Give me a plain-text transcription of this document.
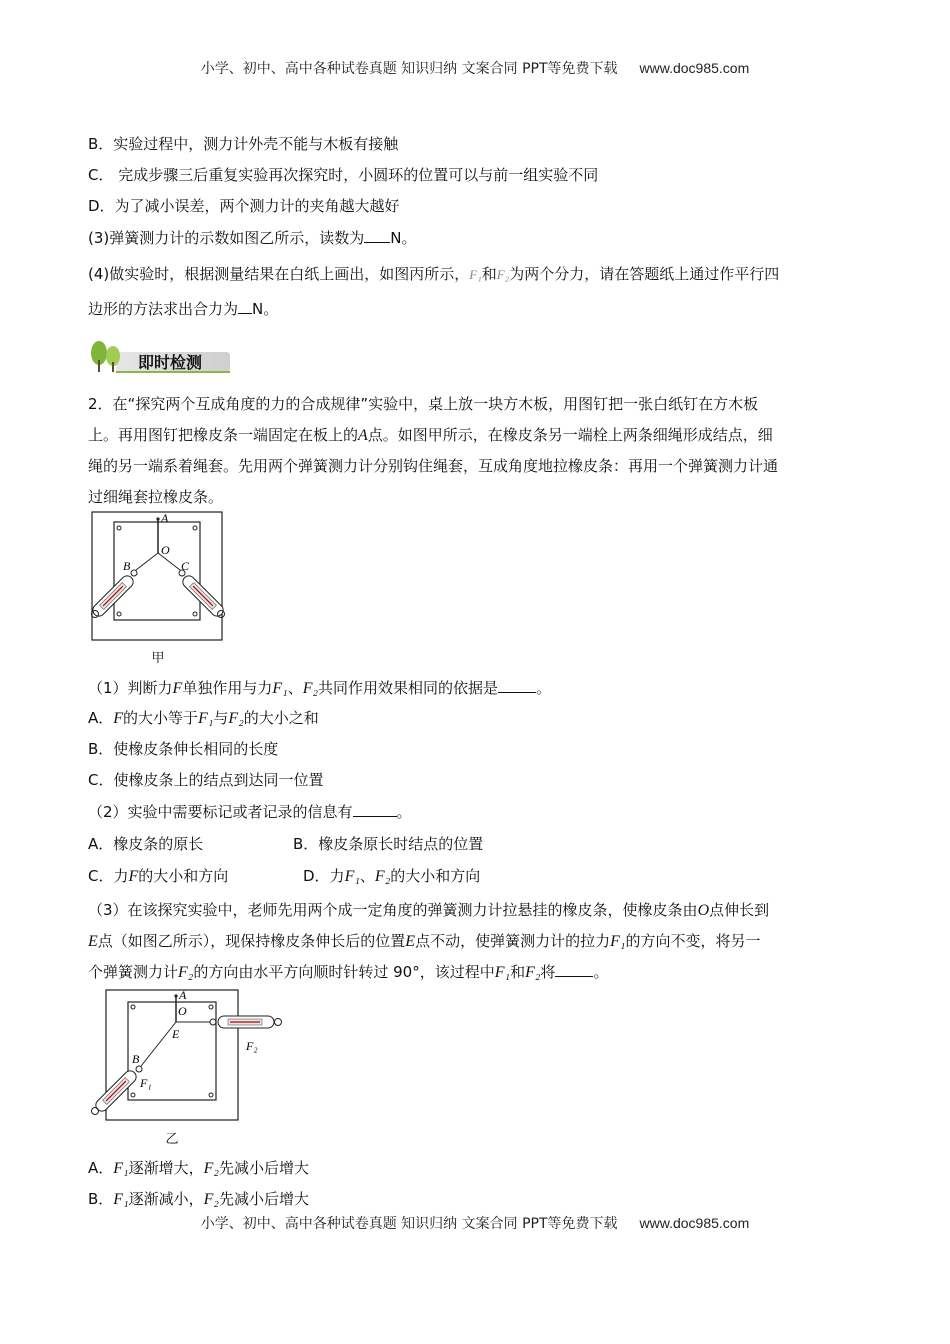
小学、初中、高中各种试卷真题 知识归纳 文案合同 PPT等免费下载 www.doc985.com
B．实验过程中，测力计外壳不能与木板有接触
C． 完成步骤三后重复实验再次探究时，小圆环的位置可以与前一组实验不同
D．为了减小误差，两个测力计的夹角越大越好
(3)弹簧测力计的示数如图乙所示，读数为 N。
(4)做实验时，根据测量结果在白纸上画出，如图丙所示，F₁和F₂为两个分力，请在答题纸上通过作平行四
边形的方法求出合力为 N。
即时检测
2．在“探究两个互成角度的力的合成规律”实验中，桌上放一块方木板，用图钉把一张白纸钉在方木板
上。再用图钉把橡皮条一端固定在板上的A点。如图甲所示，在橡皮条另一端栓上两条细绳形成结点，细
绳的另一端系着绳套。先用两个弹簧测力计分别钩住绳套，互成角度地拉橡皮条：再用一个弹簧测力计通
过细绳套拉橡皮条。
A
O
B	C
甲
（1）判断力F单独作用与力F₁、F₂共同作用效果相同的依据是	。
A．F的大小等于F₁与F₂的大小之和
B．使橡皮条伸长相同的长度
C．使橡皮条上的结点到达同一位置
（2）实验中需要标记或者记录的信息有	。
A．橡皮条的原长	B．橡皮条原长时结点的位置
C．力F的大小和方向	D．力F₁、F₂的大小和方向
（3）在该探究实验中，老师先用两个成一定角度的弹簧测力计拉悬挂的橡皮条，使橡皮条由O点伸长到
E点（如图乙所示），现保持橡皮条伸长后的位置E点不动，使弹簧测力计的拉力F₁的方向不变，将另一
个弹簧测力计F₂的方向由水平方向顺时针转过 90°，该过程中F₁和F₂将	。
A
O
E
B
F₁
F₂
乙
A．F₁逐渐增大，F₂先减小后增大
B．F₁逐渐减小，F₂先减小后增大
小学、初中、高中各种试卷真题 知识归纳 文案合同 PPT等免费下载 www.doc985.com
